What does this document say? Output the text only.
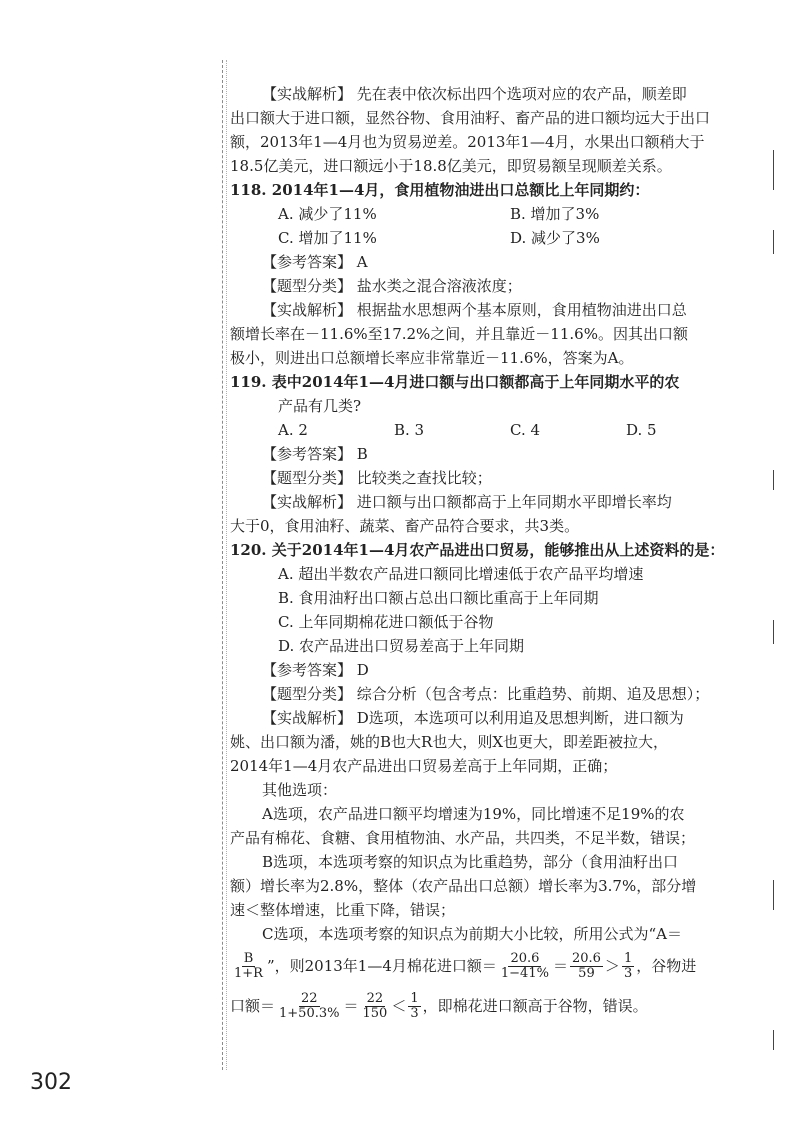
【实战解析】 先在表中依次标出四个选项对应的农产品，顺差即
出口额大于进口额，显然谷物、食用油籽、畜产品的进口额均远大于出口
额，2013年1—4月也为贸易逆差。2013年1—4月，水果出口额稍大于
18.5亿美元，进口额远小于18.8亿美元，即贸易额呈现顺差关系。
118. 2014年1—4月，食用植物油进出口总额比上年同期约：
A. 减少了11%	B. 增加了3%
C. 增加了11%	D. 减少了3%
【参考答案】 A
【题型分类】 盐水类之混合溶液浓度；
【实战解析】 根据盐水思想两个基本原则，食用植物油进出口总
额增长率在－11.6%至17.2%之间，并且靠近－11.6%。因其出口额
极小，则进出口总额增长率应非常靠近－11.6%，答案为A。
119. 表中2014年1—4月进口额与出口额都高于上年同期水平的农
产品有几类?
A. 2	B. 3	C. 4	D. 5
【参考答案】 B
【题型分类】 比较类之查找比较；
【实战解析】 进口额与出口额都高于上年同期水平即增长率均
大于0，食用油籽、蔬菜、畜产品符合要求，共3类。
120. 关于2014年1—4月农产品进出口贸易，能够推出从上述资料的是：
A. 超出半数农产品进口额同比增速低于农产品平均增速
B. 食用油籽出口额占总出口额比重高于上年同期
C. 上年同期棉花进口额低于谷物
D. 农产品进出口贸易差高于上年同期
【参考答案】 D
【题型分类】 综合分析（包含考点：比重趋势、前期、追及思想）；
【实战解析】 D选项，本选项可以利用追及思想判断，进口额为
姚、出口额为潘，姚的B也大R也大，则X也更大，即差距被拉大，
2014年1—4月农产品进出口贸易差高于上年同期，正确；
其他选项：
A选项，农产品进口额平均增速为19%，同比增速不足19%的农
产品有棉花、食糖、食用植物油、水产品，共四类，不足半数，错误；
B选项，本选项考察的知识点为比重趋势，部分（食用油籽出口
额）增长率为2.8%，整体（农产品出口总额）增长率为3.7%，部分增
速＜整体增速，比重下降，错误；
C选项，本选项考察的知识点为前期大小比较，所用公式为“A＝
$\frac{B}{1+R}$ ”，则2013年1—4月棉花进口额＝ $\frac{20.6}{1-41\%} = \frac{20.6}{59} > \frac{1}{3}$ ，谷物进
口额＝ $\frac{22}{1+50.3\%} = \frac{22}{150} < \frac{1}{3}$ ，即棉花进口额高于谷物，错误。
302
